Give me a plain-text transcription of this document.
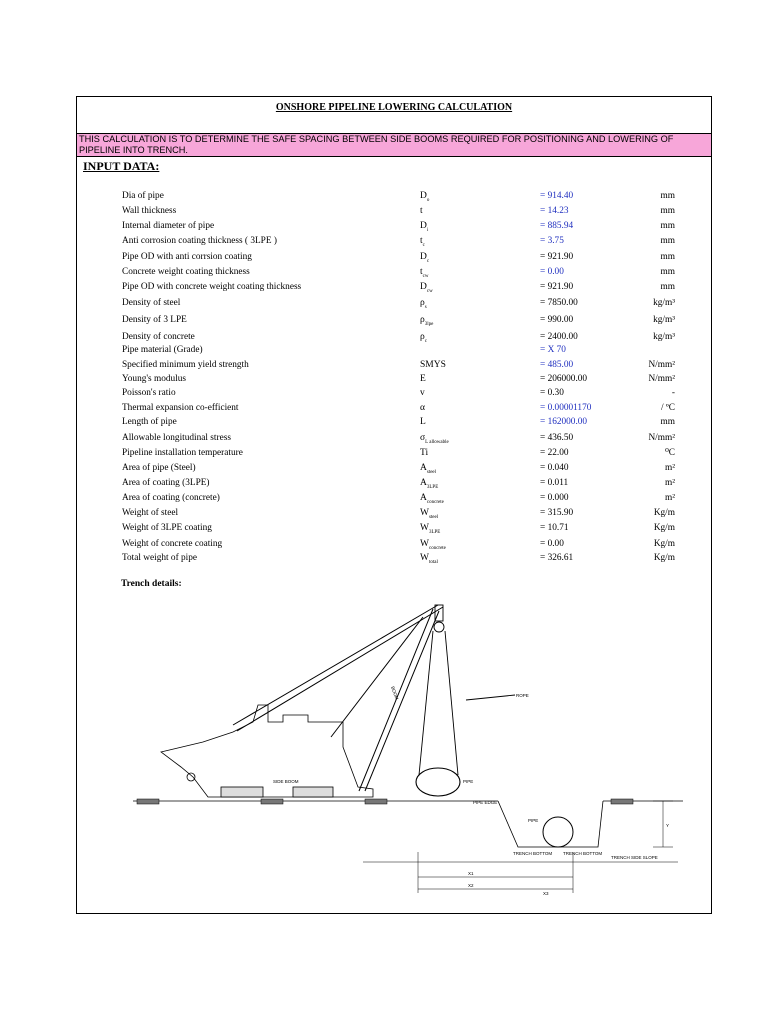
ONSHORE PIPELINE LOWERING CALCULATION
THIS CALCULATION IS TO DETERMINE THE SAFE SPACING BETWEEN SIDE BOOMS REQUIRED FOR POSITIONING AND LOWERING OF PIPELINE INTO TRENCH.
INPUT DATA:
Dia of pipe	$D_o$	= 914.40	mm
Wall thickness	t	= 14.23	mm
Internal diameter of pipe	$D_i$	= 885.94	mm
Anti corrosion coating thickness ( 3LPE )	$t_c$	= 3.75	mm
Pipe OD with anti corrsion coating	$D_c$	= 921.90	mm
Concrete weight coating thickness	$t_{cw}$	= 0.00	mm
Pipe OD with concrete weight coating thickness	$D_{cw}$	= 921.90	mm
Density of steel	$\rho_s$	= 7850.00	kg/m³
Density of 3 LPE	$\rho_{3lpe}$	= 990.00	kg/m³
Density of concrete	$\rho_c$	= 2400.00	kg/m³
Pipe material (Grade)	= X 70
Specified minimum yield strength	SMYS	= 485.00	N/mm²
Young's modulus	E	= 206000.00	N/mm²
Poisson's ratio	v	= 0.30	-
Thermal expansion co-efficient	α	= 0.00001170	/ ºC
Length of pipe	L	= 162000.00	mm
Allowable longitudinal stress	$\sigma_{L allowable}$	= 436.50	N/mm²
Pipeline installation temperature	Ti	= 22.00	⁰C
Area of pipe (Steel)	$A_{steel}$	= 0.040	m²
Area of coating (3LPE)	$A_{3LPE}$	= 0.011	m²
Area of coating (concrete)	$A_{concrete}$	= 0.000	m²
Weight of steel	$W_{steel}$	= 315.90	Kg/m
Weight of 3LPE coating	$W_{3LPE}$	= 10.71	Kg/m
Weight of concrete coating	$W_{concrete}$	= 0.00	Kg/m
Total weight of pipe	$W_{total}$	= 326.61	Kg/m
Trench details:
ROPE
BOOM
SIDE BOOM	PIPE
PIPE EDGE
PIPE
TRENCH BOTTOM TRENCH BOTTOM
TRENCH SIDE SLOPE
X1
X2
X3
Y
